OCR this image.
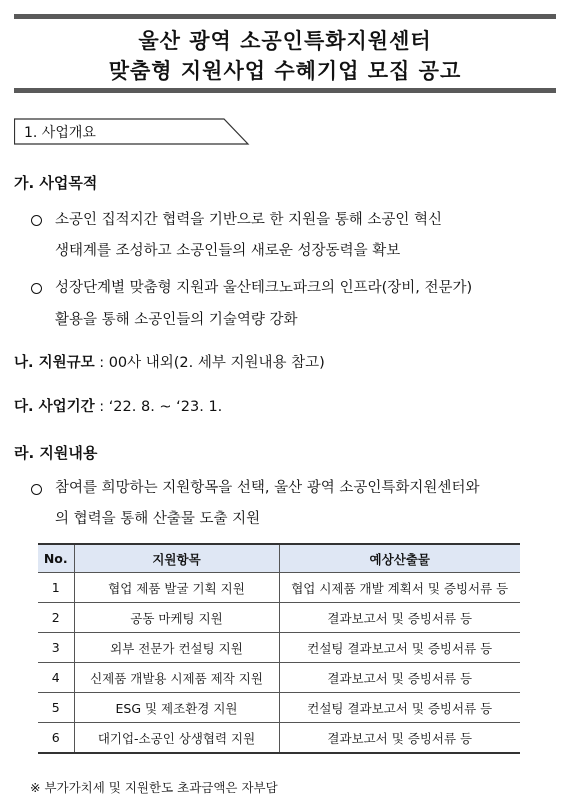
울산 광역 소공인특화지원센터
맞춤형 지원사업 수혜기업 모집 공고
1. 사업개요
가. 사업목적
소공인 집적지간 협력을 기반으로 한 지원을 통해 소공인 혁신
생태계를 조성하고 소공인들의 새로운 성장동력을 확보
성장단계별 맞춤형 지원과 울산테크노파크의 인프라(장비, 전문가)
활용을 통해 소공인들의 기술역량 강화
나. 지원규모 : 00사 내외(2. 세부 지원내용 참고)
다. 사업기간 : ‘22. 8. ~ ‘23. 1.
라. 지원내용
참여를 희망하는 지원항목을 선택, 울산 광역 소공인특화지원센터와
의 협력을 통해 산출물 도출 지원
No.	지원항목	예상산출물
1	협업 제품 발굴 기획 지원	협업 시제품 개발 계획서 및 증빙서류 등
2	공동 마케팅 지원	결과보고서 및 증빙서류 등
3	외부 전문가 컨설팅 지원	컨설팅 결과보고서 및 증빙서류 등
4	신제품 개발용 시제품 제작 지원	결과보고서 및 증빙서류 등
5	ESG 및 제조환경 지원	컨설팅 결과보고서 및 증빙서류 등
6	대기업-소공인 상생협력 지원	결과보고서 및 증빙서류 등
※ 부가가치세 및 지원한도 초과금액은 자부담
